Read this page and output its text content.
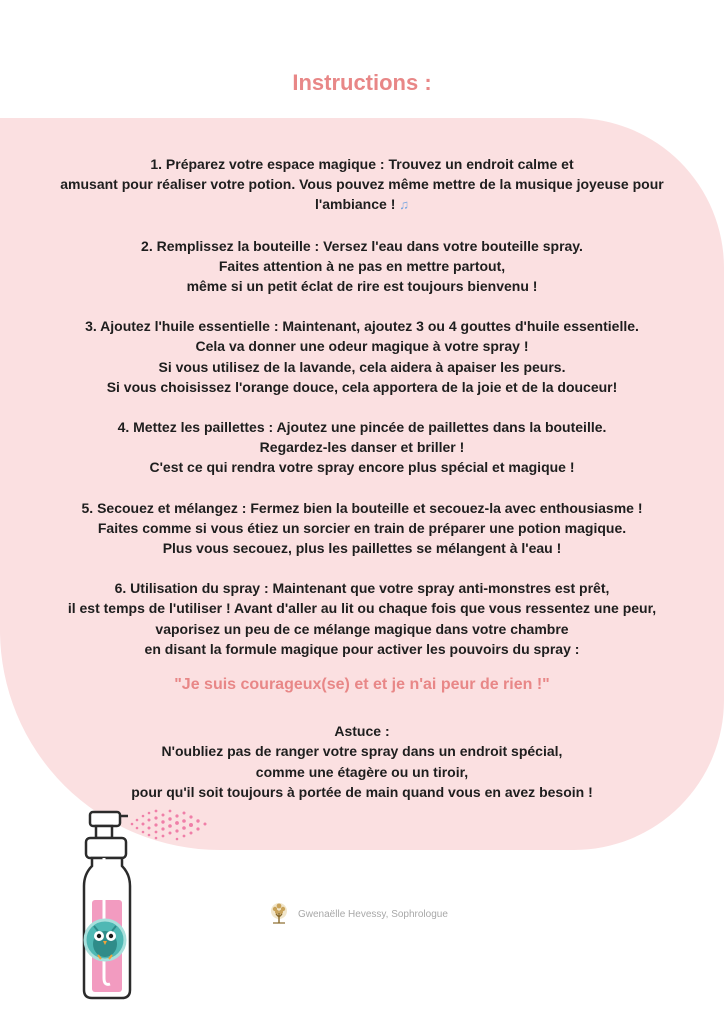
Instructions :

1. Préparez votre espace magique : Trouvez un endroit calme et

amusant pour réaliser votre potion. Vous pouvez même mettre de la musique joyeuse pour

l'ambiance ! ♫

2. Remplissez la bouteille : Versez l'eau dans votre bouteille spray.

Faites attention à ne pas en mettre partout,

même si un petit éclat de rire est toujours bienvenu !

3. Ajoutez l'huile essentielle : Maintenant, ajoutez 3 ou 4 gouttes d'huile essentielle.

Cela va donner une odeur magique à votre spray !

Si vous utilisez de la lavande, cela aidera à apaiser les peurs.

Si vous choisissez l'orange douce, cela apportera de la joie et de la douceur!

4. Mettez les paillettes : Ajoutez une pincée de paillettes dans la bouteille.

Regardez-les danser et briller !

C'est ce qui rendra votre spray encore plus spécial et magique !

5. Secouez et mélangez : Fermez bien la bouteille et secouez-la avec enthousiasme !

Faites comme si vous étiez un sorcier en train de préparer une potion magique.

Plus vous secouez, plus les paillettes se mélangent à l'eau !

6. Utilisation du spray : Maintenant que votre spray anti-monstres est prêt,

il est temps de l'utiliser ! Avant d'aller au lit ou chaque fois que vous ressentez une peur,

vaporisez un peu de ce mélange magique dans votre chambre

en disant la formule magique pour activer les pouvoirs du spray :

"Je suis courageux(se) et et je n'ai peur de rien !"

Astuce :

N'oubliez pas de ranger votre spray dans un endroit spécial,

comme une étagère ou un tiroir,

pour qu'il soit toujours à portée de main quand vous en avez besoin !

Gwenaëlle Hevessy, Sophrologue
